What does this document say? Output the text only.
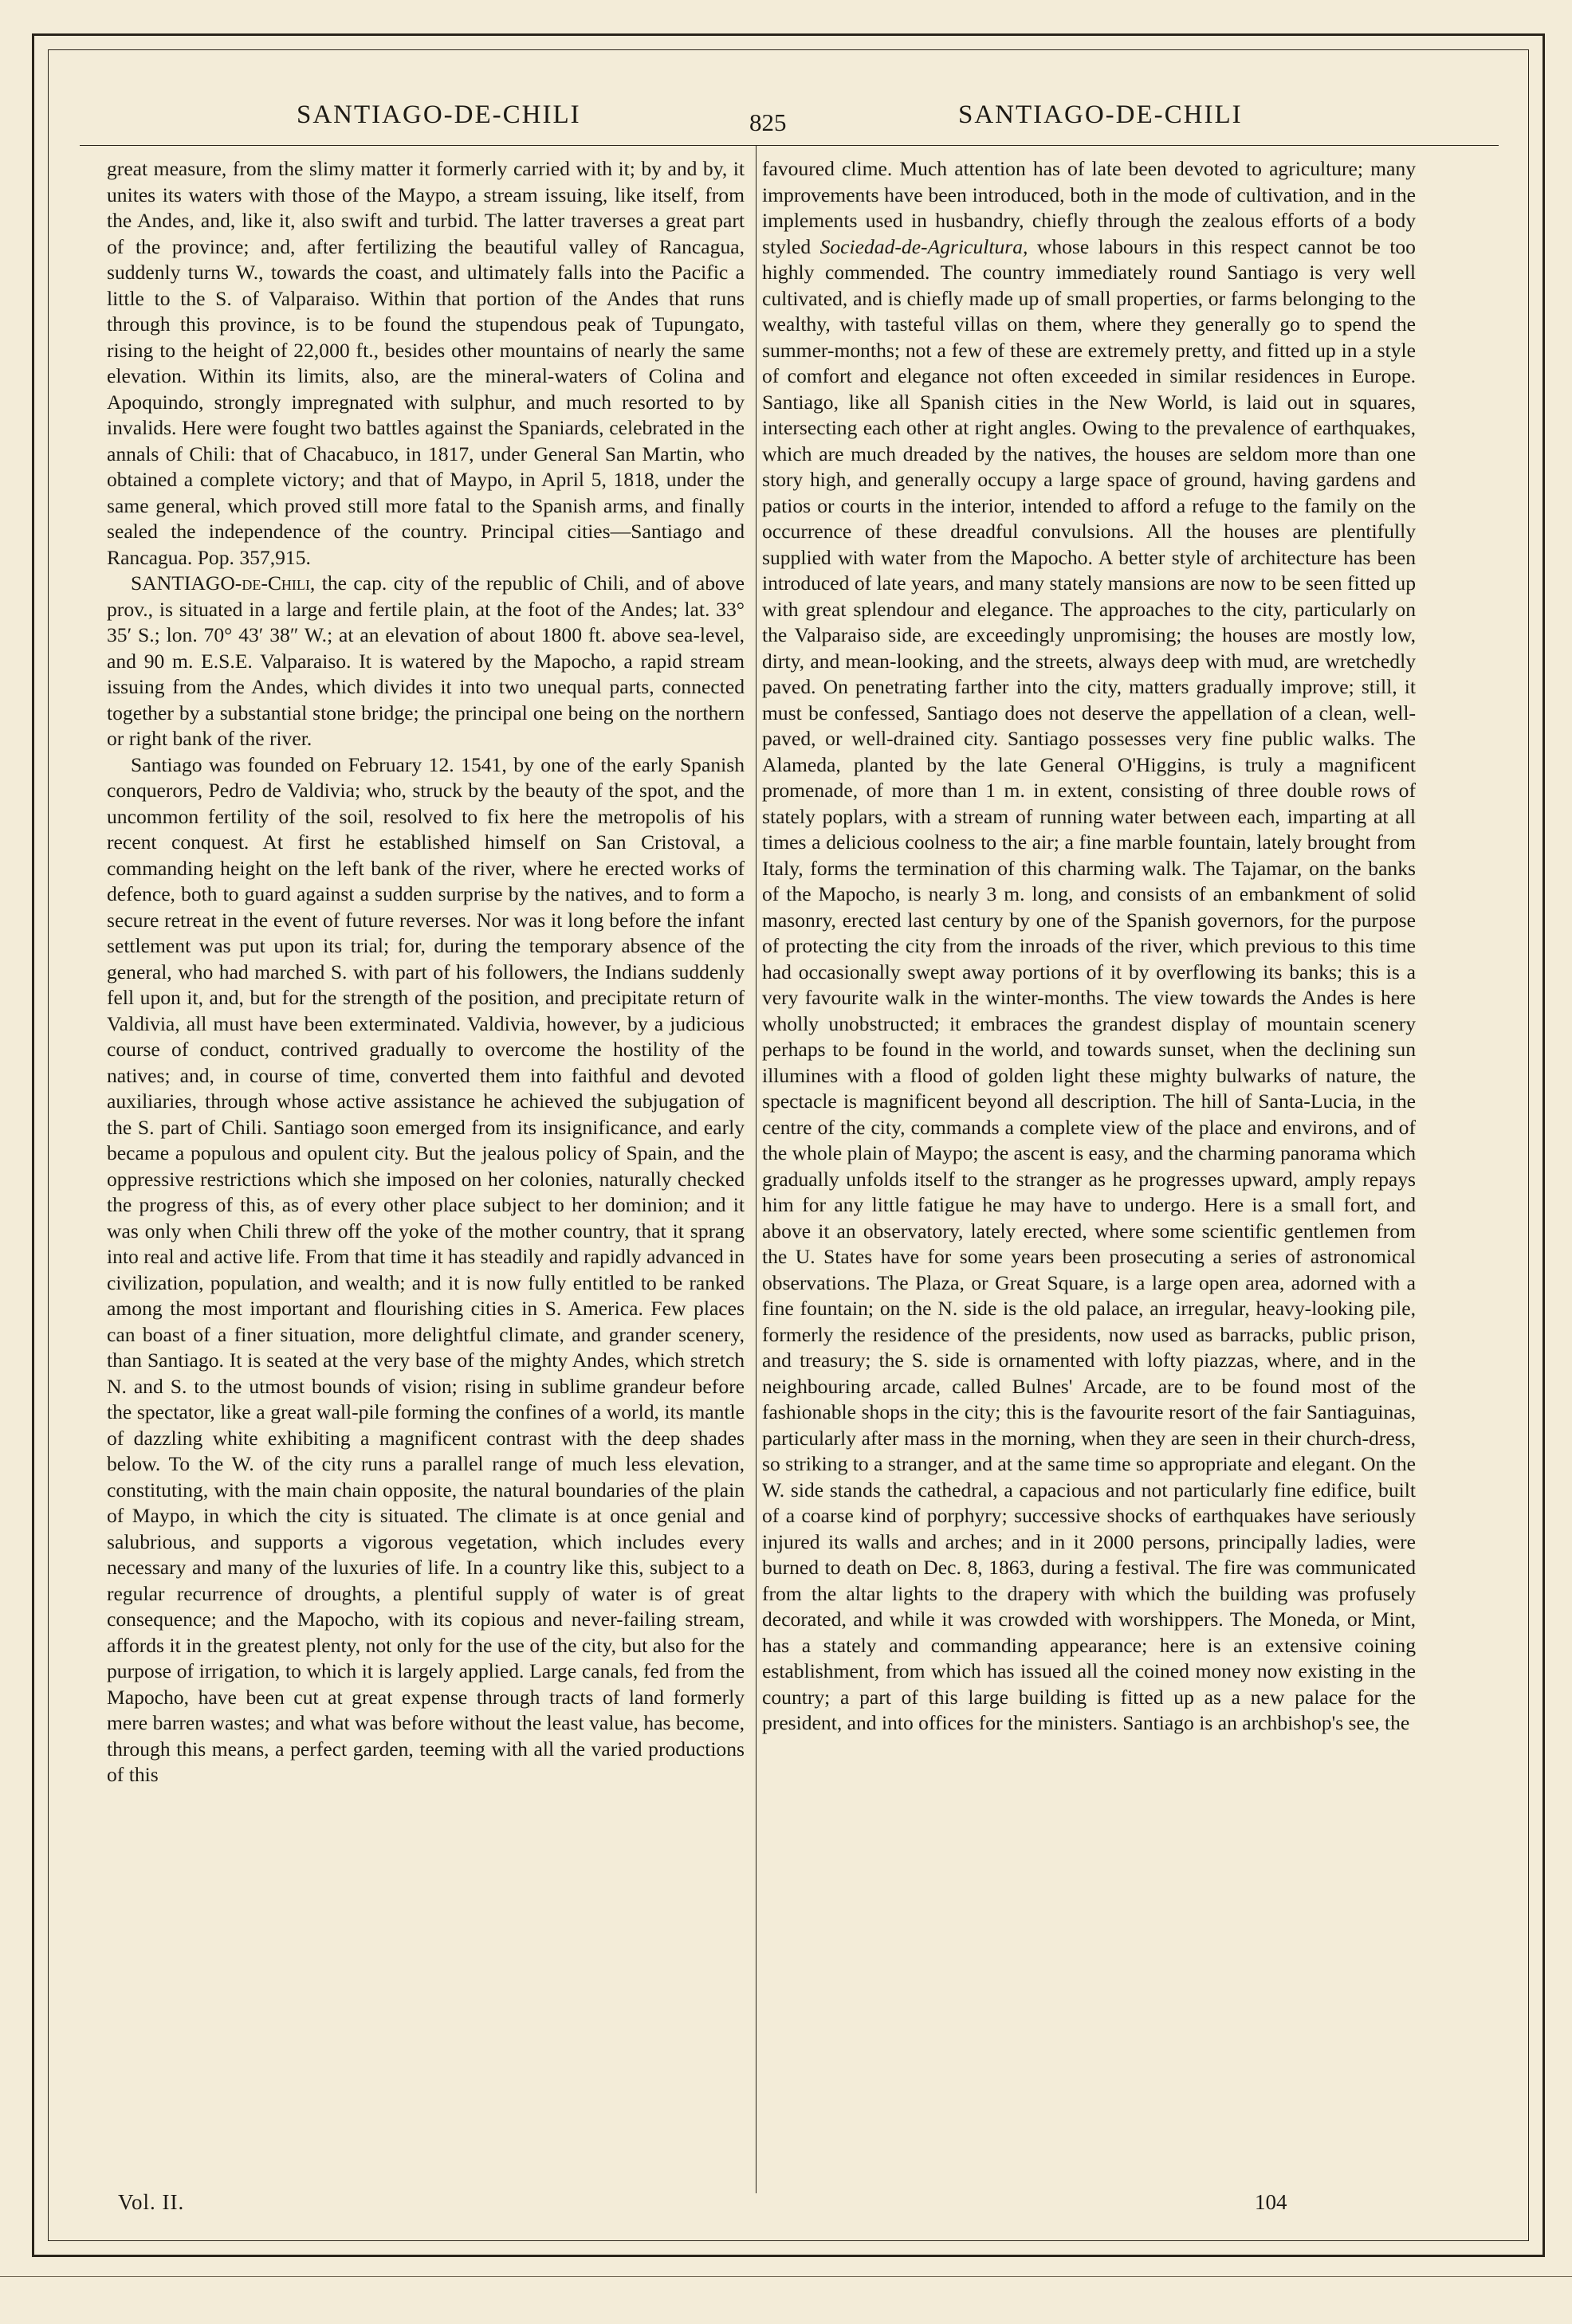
SANTIAGO-DE-CHILI	825	SANTIAGO-DE-CHILI

great measure, from the slimy matter it formerly carried with it; by and by, it unites its waters with those of the Maypo, a stream issuing, like itself, from the Andes, and, like it, also swift and turbid. The latter traverses a great part of the province; and, after fertilizing the beautiful valley of Rancagua, suddenly turns W., towards the coast, and ultimately falls into the Pacific a little to the S. of Valparaiso. Within that portion of the Andes that runs through this province, is to be found the stupendous peak of Tupungato, rising to the height of 22,000 ft., besides other mountains of nearly the same elevation. Within its limits, also, are the mineral-waters of Colina and Apoquindo, strongly impregnated with sulphur, and much resorted to by invalids. Here were fought two battles against the Spaniards, celebrated in the annals of Chili: that of Chacabuco, in 1817, under General San Martin, who obtained a complete victory; and that of Maypo, in April 5, 1818, under the same general, which proved still more fatal to the Spanish arms, and finally sealed the independence of the country. Principal cities—Santiago and Rancagua. Pop. 357,915.

SANTIAGO-de-Chili, the cap. city of the republic of Chili, and of above prov., is situated in a large and fertile plain, at the foot of the Andes; lat. 33° 35′ S.; lon. 70° 43′ 38″ W.; at an elevation of about 1800 ft. above sea-level, and 90 m. E.S.E. Valparaiso. It is watered by the Mapocho, a rapid stream issuing from the Andes, which divides it into two unequal parts, connected together by a substantial stone bridge; the principal one being on the northern or right bank of the river.

Santiago was founded on February 12. 1541, by one of the early Spanish conquerors, Pedro de Valdivia; who, struck by the beauty of the spot, and the uncommon fertility of the soil, resolved to fix here the metropolis of his recent conquest. At first he established himself on San Cristoval, a commanding height on the left bank of the river, where he erected works of defence, both to guard against a sudden surprise by the natives, and to form a secure retreat in the event of future reverses. Nor was it long before the infant settlement was put upon its trial; for, during the temporary absence of the general, who had marched S. with part of his followers, the Indians suddenly fell upon it, and, but for the strength of the position, and precipitate return of Valdivia, all must have been exterminated. Valdivia, however, by a judicious course of conduct, contrived gradually to overcome the hostility of the natives; and, in course of time, converted them into faithful and devoted auxiliaries, through whose active assistance he achieved the subjugation of the S. part of Chili. Santiago soon emerged from its insignificance, and early became a populous and opulent city. But the jealous policy of Spain, and the oppressive restrictions which she imposed on her colonies, naturally checked the progress of this, as of every other place subject to her dominion; and it was only when Chili threw off the yoke of the mother country, that it sprang into real and active life. From that time it has steadily and rapidly advanced in civilization, population, and wealth; and it is now fully entitled to be ranked among the most important and flourishing cities in S. America. Few places can boast of a finer situation, more delightful climate, and grander scenery, than Santiago. It is seated at the very base of the mighty Andes, which stretch N. and S. to the utmost bounds of vision; rising in sublime grandeur before the spectator, like a great wall-pile forming the confines of a world, its mantle of dazzling white exhibiting a magnificent contrast with the deep shades below. To the W. of the city runs a parallel range of much less elevation, constituting, with the main chain opposite, the natural boundaries of the plain of Maypo, in which the city is situated. The climate is at once genial and salubrious, and supports a vigorous vegetation, which includes every necessary and many of the luxuries of life. In a country like this, subject to a regular recurrence of droughts, a plentiful supply of water is of great consequence; and the Mapocho, with its copious and never-failing stream, affords it in the greatest plenty, not only for the use of the city, but also for the purpose of irrigation, to which it is largely applied. Large canals, fed from the Mapocho, have been cut at great expense through tracts of land formerly mere barren wastes; and what was before without the least value, has become, through this means, a perfect garden, teeming with all the varied productions of this

favoured clime. Much attention has of late been devoted to agriculture; many improvements have been introduced, both in the mode of cultivation, and in the implements used in husbandry, chiefly through the zealous efforts of a body styled Sociedad-de-Agricultura, whose labours in this respect cannot be too highly commended. The country immediately round Santiago is very well cultivated, and is chiefly made up of small properties, or farms belonging to the wealthy, with tasteful villas on them, where they generally go to spend the summer-months; not a few of these are extremely pretty, and fitted up in a style of comfort and elegance not often exceeded in similar residences in Europe. Santiago, like all Spanish cities in the New World, is laid out in squares, intersecting each other at right angles. Owing to the prevalence of earthquakes, which are much dreaded by the natives, the houses are seldom more than one story high, and generally occupy a large space of ground, having gardens and patios or courts in the interior, intended to afford a refuge to the family on the occurrence of these dreadful convulsions. All the houses are plentifully supplied with water from the Mapocho. A better style of architecture has been introduced of late years, and many stately mansions are now to be seen fitted up with great splendour and elegance. The approaches to the city, particularly on the Valparaiso side, are exceedingly unpromising; the houses are mostly low, dirty, and mean-looking, and the streets, always deep with mud, are wretchedly paved. On penetrating farther into the city, matters gradually improve; still, it must be confessed, Santiago does not deserve the appellation of a clean, well-paved, or well-drained city. Santiago possesses very fine public walks. The Alameda, planted by the late General O'Higgins, is truly a magnificent promenade, of more than 1 m. in extent, consisting of three double rows of stately poplars, with a stream of running water between each, imparting at all times a delicious coolness to the air; a fine marble fountain, lately brought from Italy, forms the termination of this charming walk. The Tajamar, on the banks of the Mapocho, is nearly 3 m. long, and consists of an embankment of solid masonry, erected last century by one of the Spanish governors, for the purpose of protecting the city from the inroads of the river, which previous to this time had occasionally swept away portions of it by overflowing its banks; this is a very favourite walk in the winter-months. The view towards the Andes is here wholly unobstructed; it embraces the grandest display of mountain scenery perhaps to be found in the world, and towards sunset, when the declining sun illumines with a flood of golden light these mighty bulwarks of nature, the spectacle is magnificent beyond all description. The hill of Santa-Lucia, in the centre of the city, commands a complete view of the place and environs, and of the whole plain of Maypo; the ascent is easy, and the charming panorama which gradually unfolds itself to the stranger as he progresses upward, amply repays him for any little fatigue he may have to undergo. Here is a small fort, and above it an observatory, lately erected, where some scientific gentlemen from the U. States have for some years been prosecuting a series of astronomical observations. The Plaza, or Great Square, is a large open area, adorned with a fine fountain; on the N. side is the old palace, an irregular, heavy-looking pile, formerly the residence of the presidents, now used as barracks, public prison, and treasury; the S. side is ornamented with lofty piazzas, where, and in the neighbouring arcade, called Bulnes' Arcade, are to be found most of the fashionable shops in the city; this is the favourite resort of the fair Santiaguinas, particularly after mass in the morning, when they are seen in their church-dress, so striking to a stranger, and at the same time so appropriate and elegant. On the W. side stands the cathedral, a capacious and not particularly fine edifice, built of a coarse kind of porphyry; successive shocks of earthquakes have seriously injured its walls and arches; and in it 2000 persons, principally ladies, were burned to death on Dec. 8, 1863, during a festival. The fire was communicated from the altar lights to the drapery with which the building was profusely decorated, and while it was crowded with worshippers. The Moneda, or Mint, has a stately and commanding appearance; here is an extensive coining establishment, from which has issued all the coined money now existing in the country; a part of this large building is fitted up as a new palace for the president, and into offices for the ministers. Santiago is an archbishop's see, the

Vol. II.	104
